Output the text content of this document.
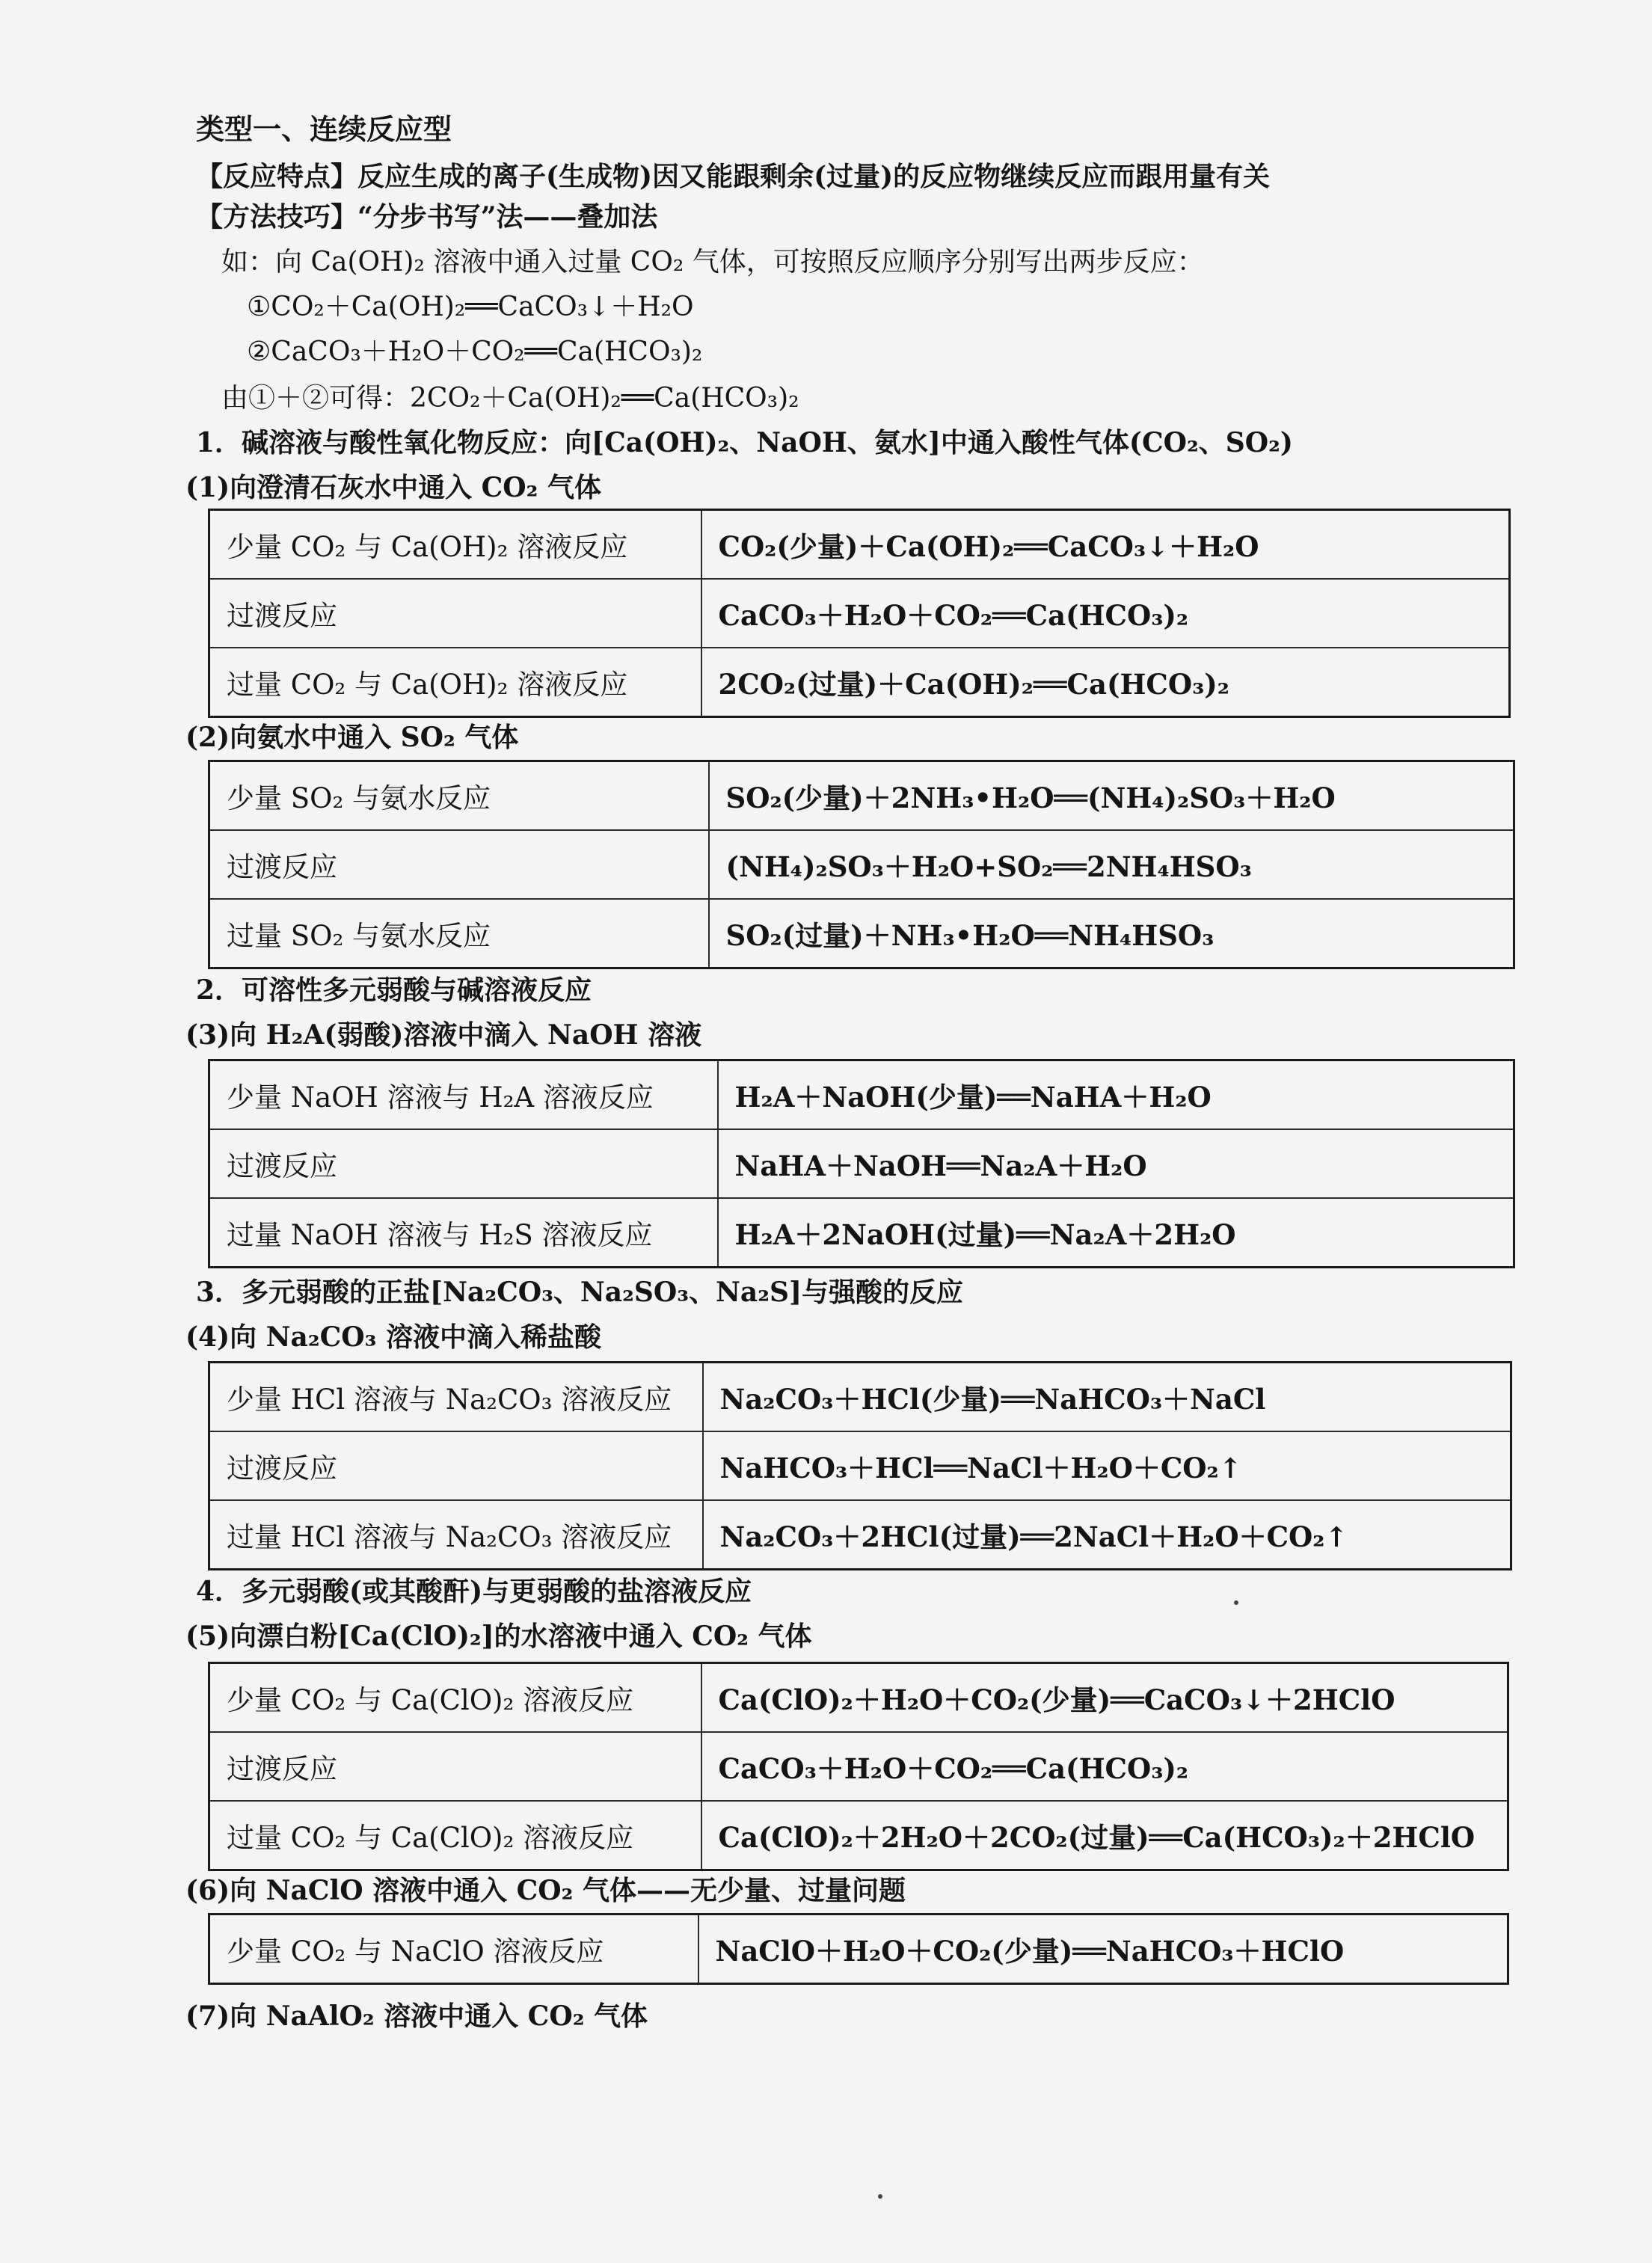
类型一、连续反应型
【反应特点】反应生成的离子(生成物)因又能跟剩余(过量)的反应物继续反应而跟用量有关
【方法技巧】“分步书写”法——叠加法
如：向 Ca(OH)₂ 溶液中通入过量 CO₂ 气体，可按照反应顺序分别写出两步反应：
①CO₂＋Ca(OH)₂══CaCO₃↓＋H₂O
②CaCO₃＋H₂O＋CO₂══Ca(HCO₃)₂
由①＋②可得：2CO₂＋Ca(OH)₂══Ca(HCO₃)₂
1．碱溶液与酸性氧化物反应：向[Ca(OH)₂、NaOH、氨水]中通入酸性气体(CO₂、SO₂)
(1)向澄清石灰水中通入 CO₂ 气体
少量 CO₂ 与 Ca(OH)₂ 溶液反应	CO₂(少量)＋Ca(OH)₂══CaCO₃↓＋H₂O
过渡反应	CaCO₃＋H₂O＋CO₂══Ca(HCO₃)₂
过量 CO₂ 与 Ca(OH)₂ 溶液反应	2CO₂(过量)＋Ca(OH)₂══Ca(HCO₃)₂
(2)向氨水中通入 SO₂ 气体
少量 SO₂ 与氨水反应	SO₂(少量)＋2NH₃•H₂O══(NH₄)₂SO₃＋H₂O
过渡反应	(NH₄)₂SO₃＋H₂O+SO₂══2NH₄HSO₃
过量 SO₂ 与氨水反应	SO₂(过量)＋NH₃•H₂O══NH₄HSO₃
2．可溶性多元弱酸与碱溶液反应
(3)向 H₂A(弱酸)溶液中滴入 NaOH 溶液
少量 NaOH 溶液与 H₂A 溶液反应	H₂A＋NaOH(少量)══NaHA＋H₂O
过渡反应	NaHA＋NaOH══Na₂A＋H₂O
过量 NaOH 溶液与 H₂S 溶液反应	H₂A＋2NaOH(过量)══Na₂A＋2H₂O
3．多元弱酸的正盐[Na₂CO₃、Na₂SO₃、Na₂S]与强酸的反应
(4)向 Na₂CO₃ 溶液中滴入稀盐酸
少量 HCl 溶液与 Na₂CO₃ 溶液反应	Na₂CO₃＋HCl(少量)══NaHCO₃＋NaCl
过渡反应	NaHCO₃＋HCl══NaCl＋H₂O＋CO₂↑
过量 HCl 溶液与 Na₂CO₃ 溶液反应	Na₂CO₃＋2HCl(过量)══2NaCl＋H₂O＋CO₂↑
4．多元弱酸(或其酸酐)与更弱酸的盐溶液反应
(5)向漂白粉[Ca(ClO)₂]的水溶液中通入 CO₂ 气体
少量 CO₂ 与 Ca(ClO)₂ 溶液反应	Ca(ClO)₂＋H₂O＋CO₂(少量)══CaCO₃↓＋2HClO
过渡反应	CaCO₃＋H₂O＋CO₂══Ca(HCO₃)₂
过量 CO₂ 与 Ca(ClO)₂ 溶液反应	Ca(ClO)₂＋2H₂O＋2CO₂(过量)══Ca(HCO₃)₂＋2HClO
(6)向 NaClO 溶液中通入 CO₂ 气体——无少量、过量问题
少量 CO₂ 与 NaClO 溶液反应	NaClO＋H₂O＋CO₂(少量)══NaHCO₃＋HClO
(7)向 NaAlO₂ 溶液中通入 CO₂ 气体
